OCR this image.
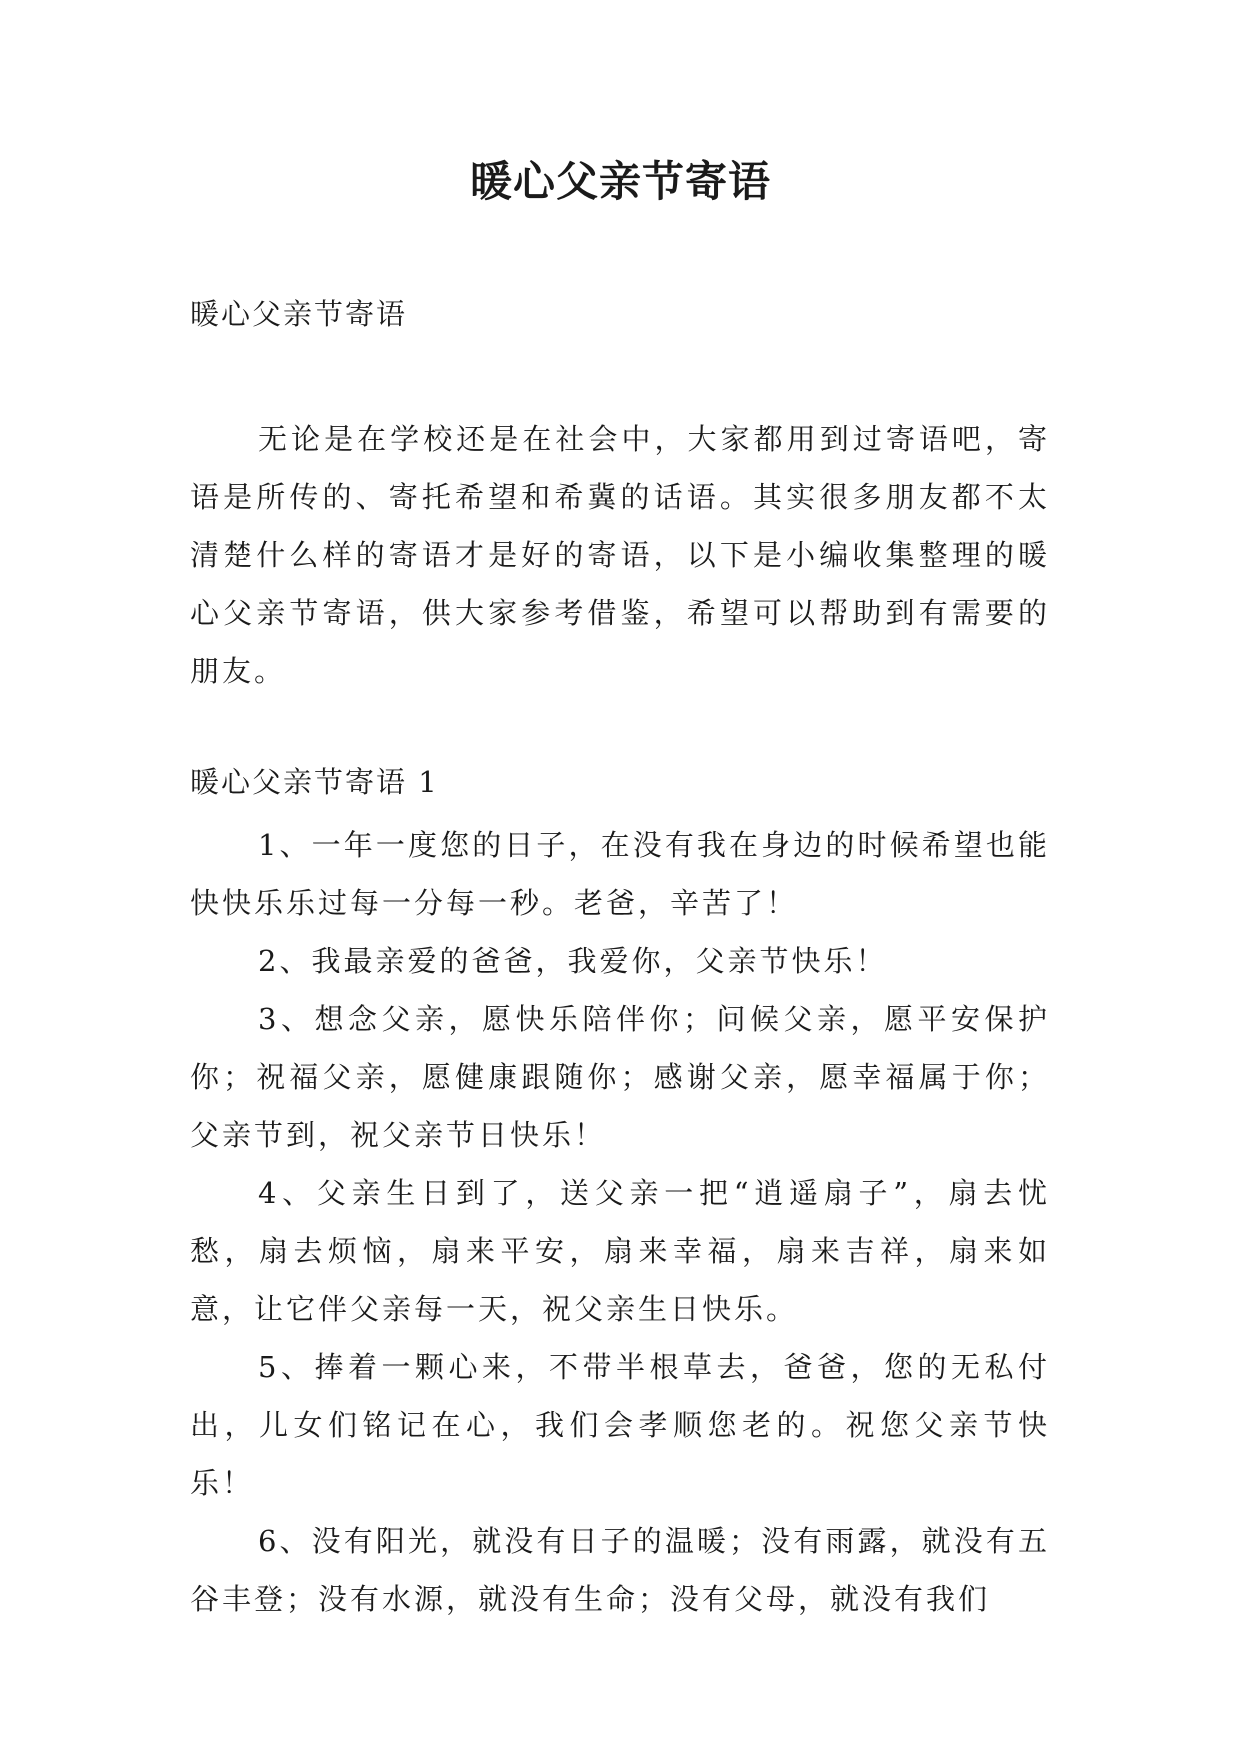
暖心父亲节寄语
暖心父亲节寄语

无论是在学校还是在社会中，大家都用到过寄语吧，寄语是所传的、寄托希望和希冀的话语。其实很多朋友都不太清楚什么样的寄语才是好的寄语，以下是小编收集整理的暖心父亲节寄语，供大家参考借鉴，希望可以帮助到有需要的朋友。

暖心父亲节寄语 1

1、一年一度您的日子，在没有我在身边的时候希望也能快快乐乐过每一分每一秒。老爸，辛苦了！

2、我最亲爱的爸爸，我爱你，父亲节快乐！

3、想念父亲，愿快乐陪伴你；问候父亲，愿平安保护你；祝福父亲，愿健康跟随你；感谢父亲，愿幸福属于你；父亲节到，祝父亲节日快乐！

4、父亲生日到了，送父亲一把“逍遥扇子”，扇去忧愁，扇去烦恼，扇来平安，扇来幸福，扇来吉祥，扇来如意，让它伴父亲每一天，祝父亲生日快乐。

5、捧着一颗心来，不带半根草去，爸爸，您的无私付出，儿女们铭记在心，我们会孝顺您老的。祝您父亲节快乐！

6、没有阳光，就没有日子的温暖；没有雨露，就没有五谷丰登；没有水源，就没有生命；没有父母，就没有我们
